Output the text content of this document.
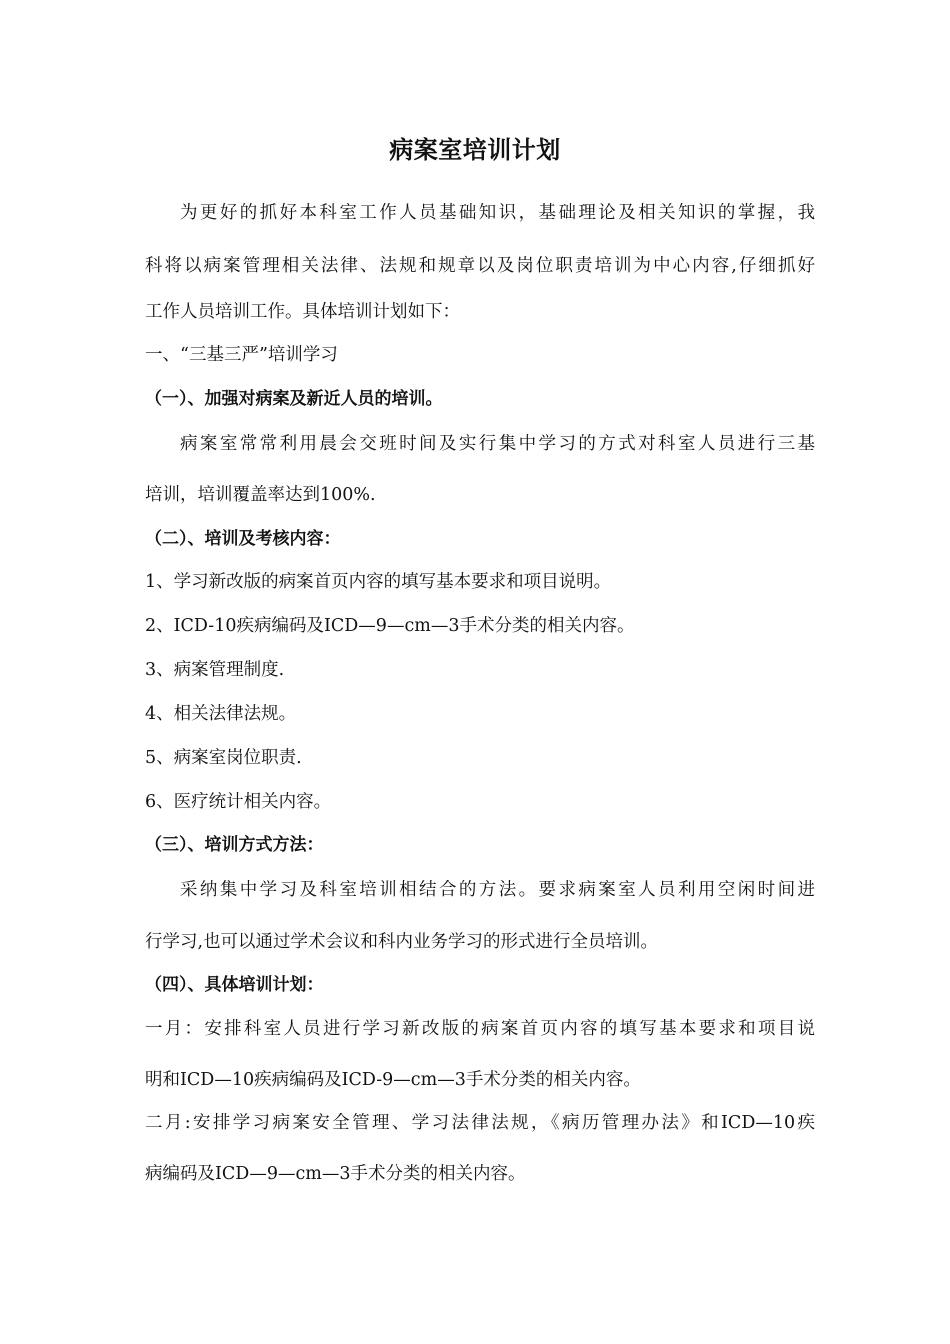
病案室培训计划
为更好的抓好本科室工作人员基础知识，基础理论及相关知识的掌握，我
科将以病案管理相关法律、法规和规章以及岗位职责培训为中心内容,仔细抓好
工作人员培训工作。具体培训计划如下：
一、“三基三严”培训学习
（一）、加强对病案及新近人员的培训。
病案室常常利用晨会交班时间及实行集中学习的方式对科室人员进行三基
培训，培训覆盖率达到100%.
（二）、培训及考核内容：
1、学习新改版的病案首页内容的填写基本要求和项目说明。
2、ICD-10疾病编码及ICD—9—cm—3手术分类的相关内容。
3、病案管理制度.
4、相关法律法规。
5、病案室岗位职责.
6、医疗统计相关内容。
（三）、培训方式方法：
采纳集中学习及科室培训相结合的方法。要求病案室人员利用空闲时间进
行学习,也可以通过学术会议和科内业务学习的形式进行全员培训。
（四）、具体培训计划：
一月：安排科室人员进行学习新改版的病案首页内容的填写基本要求和项目说
明和ICD—10疾病编码及ICD-9—cm—3手术分类的相关内容。
二月:安排学习病案安全管理、学习法律法规，《病历管理办法》和ICD—10疾
病编码及ICD—9—cm—3手术分类的相关内容。
